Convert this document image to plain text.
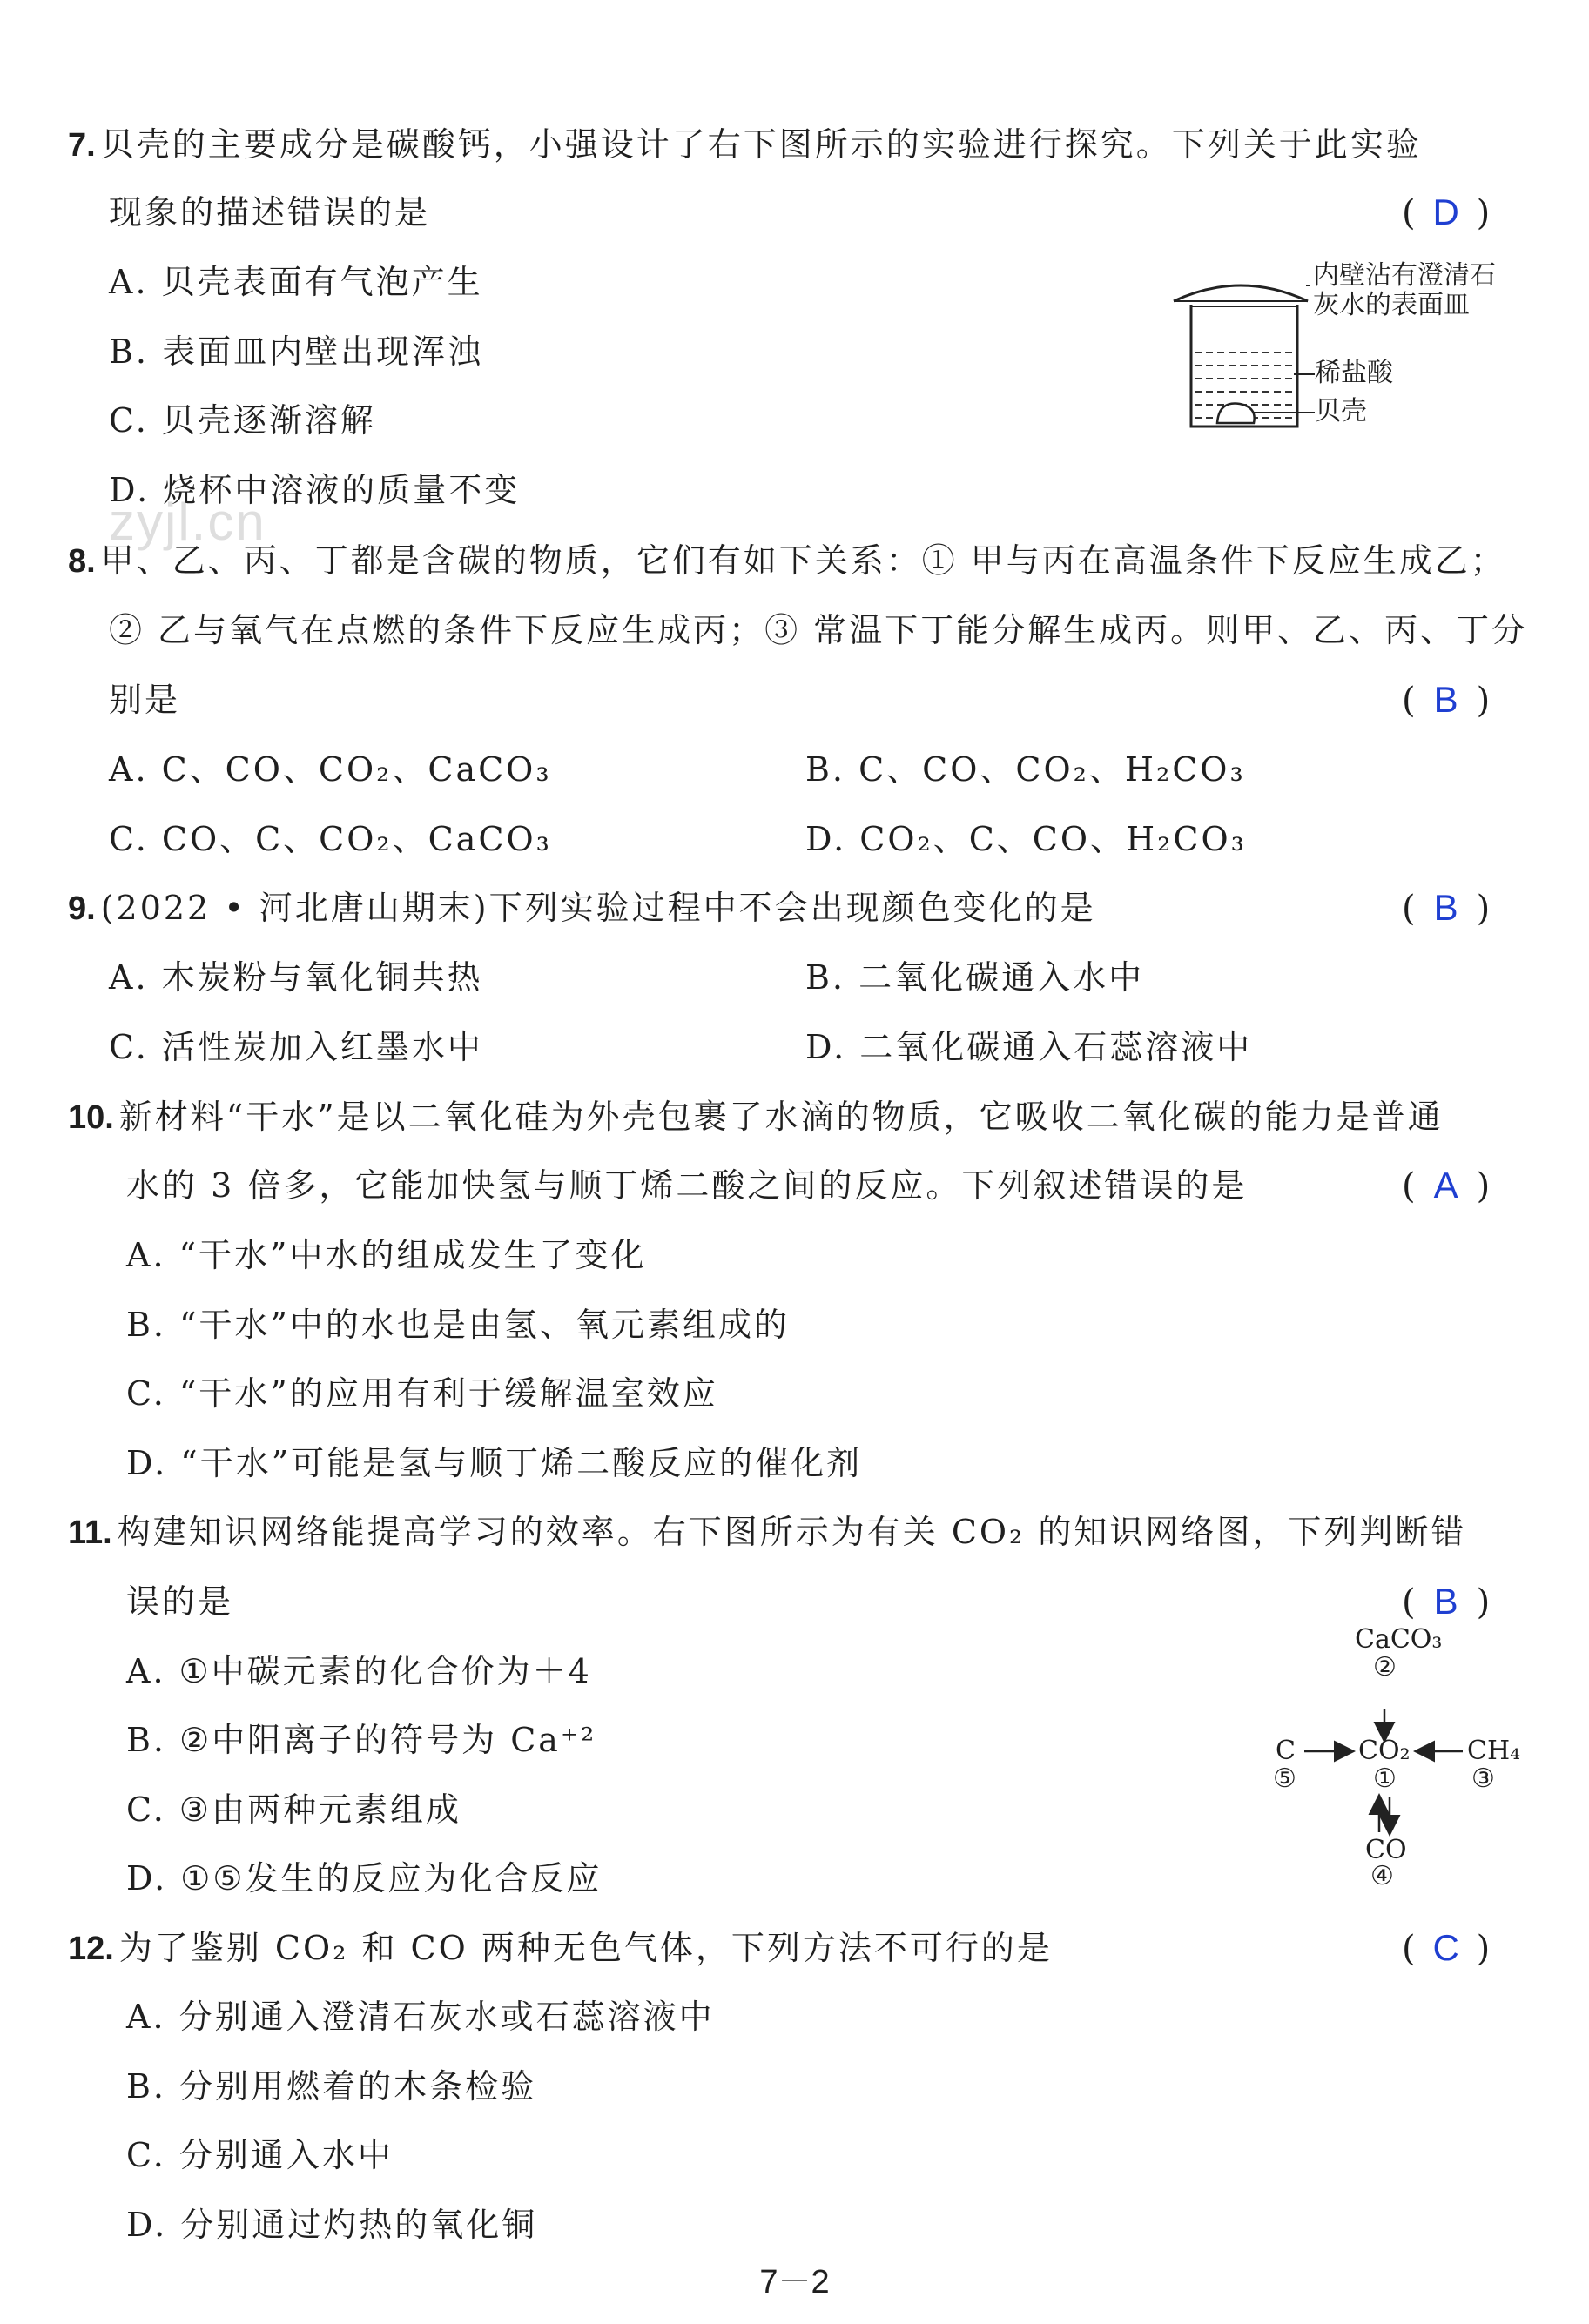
zyjl.cn
7. 贝壳的主要成分是碳酸钙，小强设计了右下图所示的实验进行探究。下列关于此实验
现象的描述错误的是	( D )
A. 贝壳表面有气泡产生
B. 表面皿内壁出现浑浊
C. 贝壳逐渐溶解
D. 烧杯中溶液的质量不变
内壁沾有澄清石
灰水的表面皿
稀盐酸
贝壳
8. 甲、乙、丙、丁都是含碳的物质，它们有如下关系：① 甲与丙在高温条件下反应生成乙；
② 乙与氧气在点燃的条件下反应生成丙；③ 常温下丁能分解生成丙。则甲、乙、丙、丁分
别是	( B )
A. C、CO、CO₂、CaCO₃	B. C、CO、CO₂、H₂CO₃
C. CO、C、CO₂、CaCO₃	D. CO₂、C、CO、H₂CO₃
9. (2022 • 河北唐山期末)下列实验过程中不会出现颜色变化的是	( B )
A. 木炭粉与氧化铜共热	B. 二氧化碳通入水中
C. 活性炭加入红墨水中	D. 二氧化碳通入石蕊溶液中
10. 新材料“干水”是以二氧化硅为外壳包裹了水滴的物质，它吸收二氧化碳的能力是普通
水的 3 倍多，它能加快氢与顺丁烯二酸之间的反应。下列叙述错误的是	( A )
A. “干水”中水的组成发生了变化
B. “干水”中的水也是由氢、氧元素组成的
C. “干水”的应用有利于缓解温室效应
D. “干水”可能是氢与顺丁烯二酸反应的催化剂
11. 构建知识网络能提高学习的效率。右下图所示为有关 CO₂ 的知识网络图，下列判断错
误的是	( B )
A. ①中碳元素的化合价为＋4
B. ②中阳离子的符号为 Ca⁺²
C. ③由两种元素组成
D. ①⑤发生的反应为化合反应
CaCO₃
②
C
⑤
CO₂
①
CH₄
③
CO
④
12. 为了鉴别 CO₂ 和 CO 两种无色气体，下列方法不可行的是	( C )
A. 分别通入澄清石灰水或石蕊溶液中
B. 分别用燃着的木条检验
C. 分别通入水中
D. 分别通过灼热的氧化铜
7－2
